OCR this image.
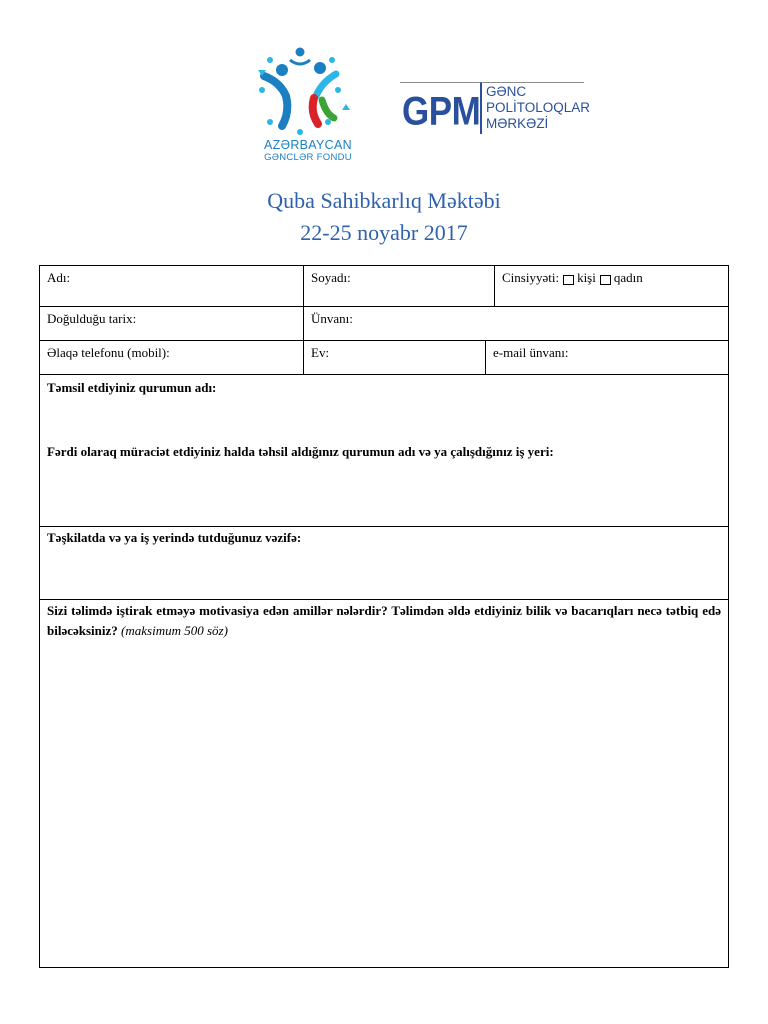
AZƏRBAYCAN
GƏNCLƏR FONDU
GPM GƏNC
POLİTOLOQLAR
MƏRKƏZİ
Quba Sahibkarlıq Məktəbi
22-25 noyabr 2017
Adı:	Soyadı:	Cinsiyyəti: kişi qadın
Doğulduğu tarix:	Ünvanı:
Əlaqə telefonu (mobil):	Ev:	e-mail ünvanı:
Təmsil etdiyiniz qurumun adı:
Fərdi olaraq müraciət etdiyiniz halda təhsil aldığınız qurumun adı və ya çalışdığınız iş yeri:
Təşkilatda və ya iş yerində tutduğunuz vəzifə:
Sizi təlimdə iştirak etməyə motivasiya edən amillər nələrdir? Təlimdən əldə etdiyiniz bilik və bacarıqları necə tətbiq edə biləcəksiniz? (maksimum 500 söz)
